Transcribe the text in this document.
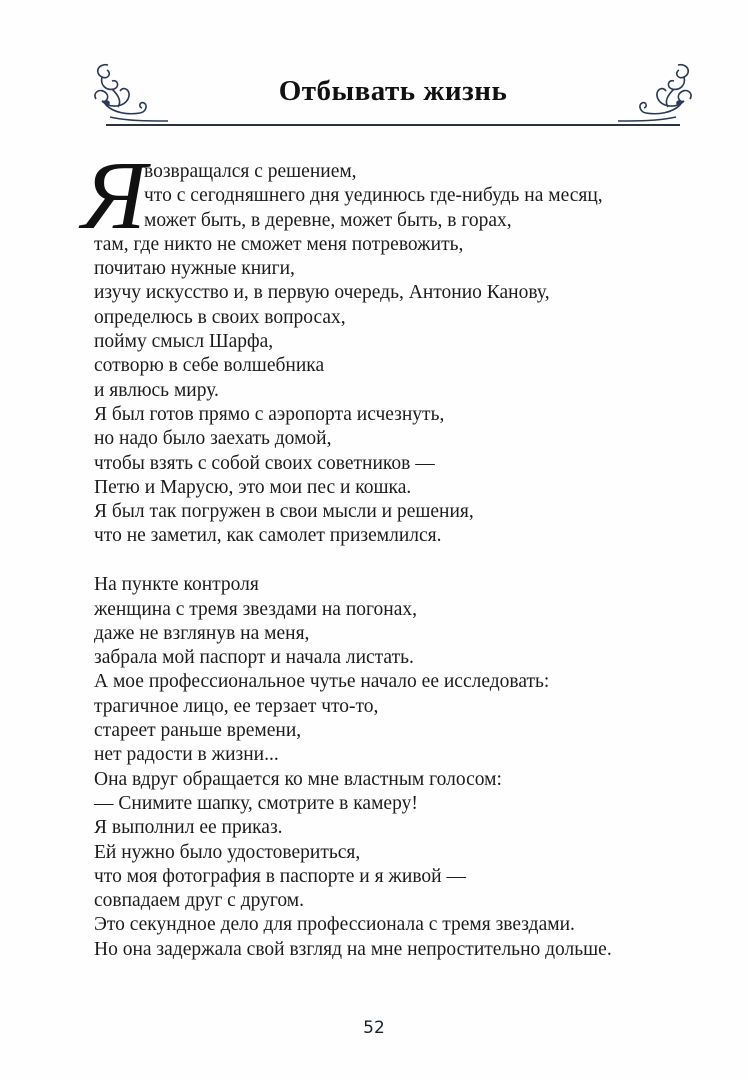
Отбывать жизнь
Я
возвращался с решением,
что с сегодняшнего дня уединюсь где-нибудь на месяц,
может быть, в деревне, может быть, в горах,
там, где никто не сможет меня потревожить,
почитаю нужные книги,
изучу искусство и, в первую очередь, Антонио Канову,
определюсь в своих вопросах,
пойму смысл Шарфа,
сотворю в себе волшебника
и явлюсь миру.
Я был готов прямо с аэропорта исчезнуть,
но надо было заехать домой,
чтобы взять с собой своих советников —
Петю и Марусю, это мои пес и кошка.
Я был так погружен в свои мысли и решения,
что не заметил, как самолет приземлился.
На пункте контроля
женщина с тремя звездами на погонах,
даже не взглянув на меня,
забрала мой паспорт и начала листать.
А мое профессиональное чутье начало ее исследовать:
трагичное лицо, ее терзает что-то,
стареет раньше времени,
нет радости в жизни...
Она вдруг обращается ко мне властным голосом:
— Снимите шапку, смотрите в камеру!
Я выполнил ее приказ.
Ей нужно было удостовериться,
что моя фотография в паспорте и я живой —
совпадаем друг с другом.
Это секундное дело для профессионала с тремя звездами.
Но она задержала свой взгляд на мне непростительно дольше.
52
